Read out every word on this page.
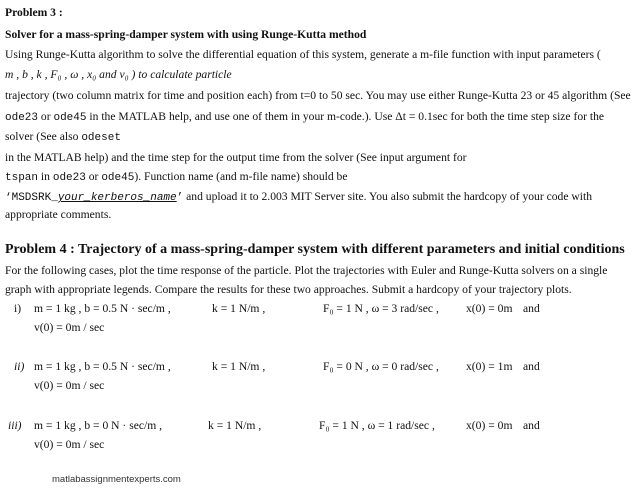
Problem 3 :
Solver for a mass-spring-damper system with using Runge-Kutta method
Using Runge-Kutta algorithm to solve the differential equation of this system, generate a m-file function with input parameters (
m , b , k , F₀ , ω , x₀ and v₀ ) to calculate particle
trajectory (two column matrix for time and position each) from t=0 to 50 sec. You may use either Runge-Kutta 23 or 45 algorithm (See
ode23 or ode45 in the MATLAB help, and use one of them in your m-code.). Use Δt = 0.1sec for both the time step size for the
solver (See also odeset
in the MATLAB help) and the time step for the output time from the solver (See input argument for
tspan in ode23 or ode45). Function name (and m-file name) should be
‘MSDSRK_your_kerberos_name’ and upload it to 2.003 MIT Server site. You also submit the hardcopy of your code with
appropriate comments.
Problem 4 : Trajectory of a mass-spring-damper system with different parameters and initial conditions
For the following cases, plot the time response of the particle. Plot the trajectories with Euler and Runge-Kutta solvers on a single
graph with appropriate legends. Compare the results for these two approaches. Submit a hardcopy of your trajectory plots.
i) m = 1 kg , b = 0.5 N · sec/m ,	k = 1 N/m ,	F₀ = 1 N , ω = 3 rad/sec , x(0) = 0m and
v(0) = 0m / sec
ii) m = 1 kg , b = 0.5 N · sec/m ,	k = 1 N/m ,	F₀ = 0 N , ω = 0 rad/sec , x(0) = 1m and
v(0) = 0m / sec
iii) m = 1 kg , b = 0 N · sec/m ,	k = 1 N/m ,	F₀ = 1 N , ω = 1 rad/sec ,	x(0) = 0m and
v(0) = 0m / sec
matlabassignmentexperts.com
